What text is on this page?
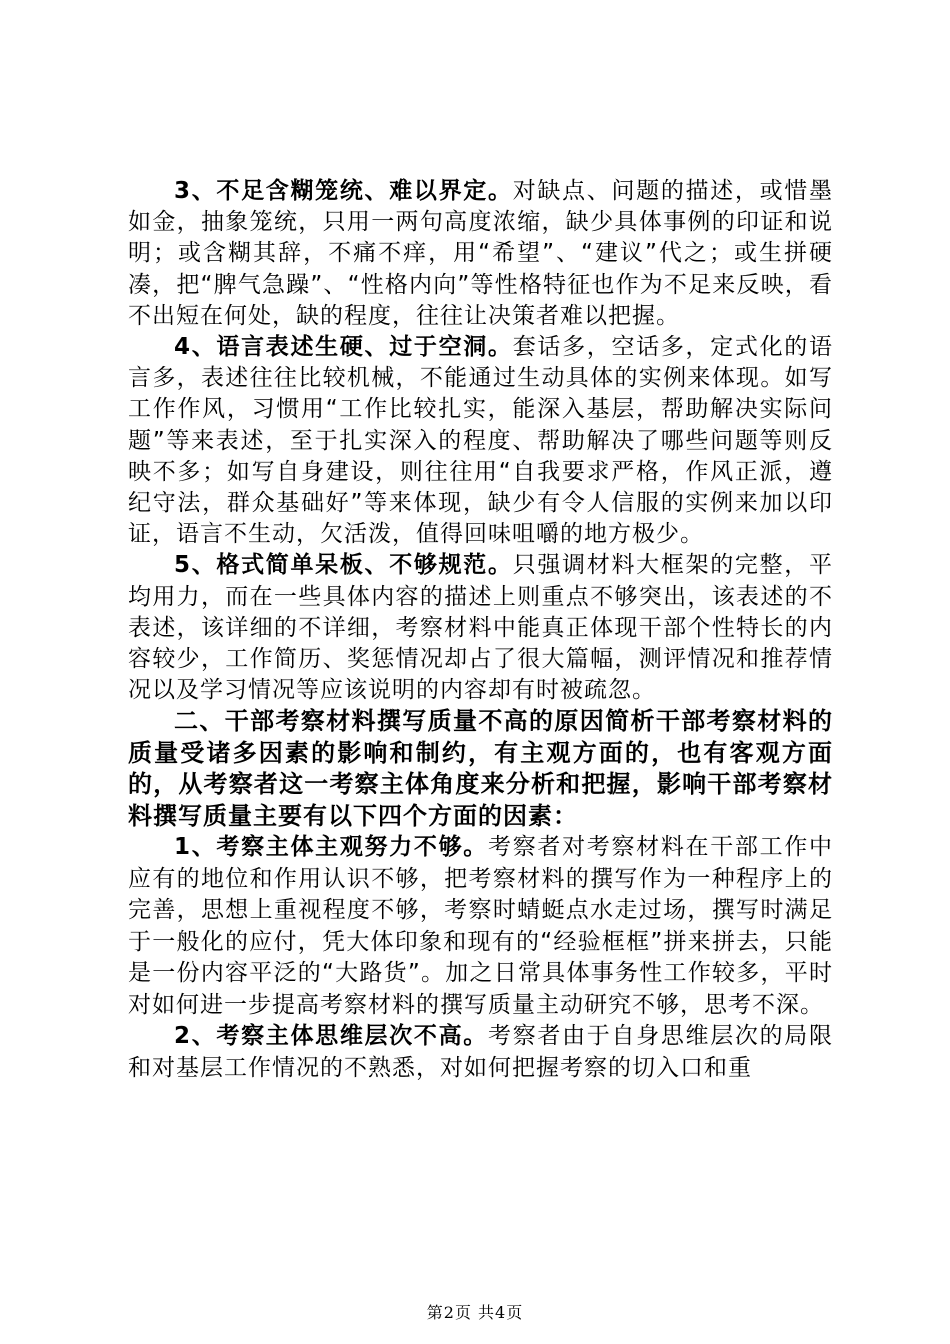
3、不足含糊笼统、难以界定。对缺点、问题的描述，或惜墨如金，抽象笼统，只用一两句高度浓缩，缺少具体事例的印证和说明；或含糊其辞，不痛不痒，用“希望”、“建议”代之；或生拼硬凑，把“脾气急躁”、“性格内向”等性格特征也作为不足来反映，看不出短在何处，缺的程度，往往让决策者难以把握。

4、语言表述生硬、过于空洞。套话多，空话多，定式化的语言多，表述往往比较机械，不能通过生动具体的实例来体现。如写工作作风，习惯用“工作比较扎实，能深入基层，帮助解决实际问题”等来表述，至于扎实深入的程度、帮助解决了哪些问题等则反映不多；如写自身建设，则往往用“自我要求严格，作风正派，遵纪守法，群众基础好”等来体现，缺少有令人信服的实例来加以印证，语言不生动，欠活泼，值得回味咀嚼的地方极少。

5、格式简单呆板、不够规范。只强调材料大框架的完整，平均用力，而在一些具体内容的描述上则重点不够突出，该表述的不表述，该详细的不详细，考察材料中能真正体现干部个性特长的内容较少，工作简历、奖惩情况却占了很大篇幅，测评情况和推荐情况以及学习情况等应该说明的内容却有时被疏忽。

二、干部考察材料撰写质量不高的原因简析干部考察材料的质量受诸多因素的影响和制约，有主观方面的，也有客观方面的，从考察者这一考察主体角度来分析和把握，影响干部考察材料撰写质量主要有以下四个方面的因素：

1、考察主体主观努力不够。考察者对考察材料在干部工作中应有的地位和作用认识不够，把考察材料的撰写作为一种程序上的完善，思想上重视程度不够，考察时蜻蜓点水走过场，撰写时满足于一般化的应付，凭大体印象和现有的“经验框框”拼来拼去，只能是一份内容平泛的“大路货”。加之日常具体事务性工作较多，平时对如何进一步提高考察材料的撰写质量主动研究不够，思考不深。

2、考察主体思维层次不高。考察者由于自身思维层次的局限和对基层工作情况的不熟悉，对如何把握考察的切入口和重

第2页 共4页
